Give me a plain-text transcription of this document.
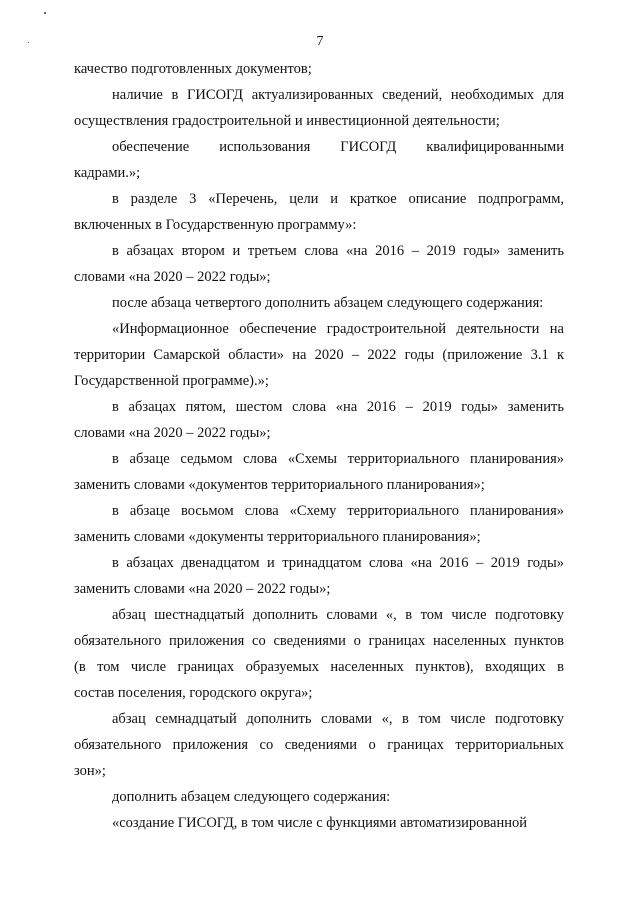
7
качество подготовленных документов;
наличие в ГИСОГД актуализированных сведений, необходимых для
осуществления градостроительной и инвестиционной деятельности;
обеспечение использования ГИСОГД квалифицированными
кадрами.»;
в разделе 3 «Перечень, цели и краткое описание подпрограмм,
включенных в Государственную программу»:
в абзацах втором и третьем слова «на 2016 – 2019 годы» заменить
словами «на 2020 – 2022 годы»;
после абзаца четвертого дополнить абзацем следующего содержания:
«Информационное обеспечение градостроительной деятельности на
территории Самарской области» на 2020 – 2022 годы (приложение 3.1 к
Государственной программе).»;
в абзацах пятом, шестом слова «на 2016 – 2019 годы» заменить
словами «на 2020 – 2022 годы»;
в абзаце седьмом слова «Схемы территориального планирования»
заменить словами «документов территориального планирования»;
в абзаце восьмом слова «Схему территориального планирования»
заменить словами «документы территориального планирования»;
в абзацах двенадцатом и тринадцатом слова «на 2016 – 2019 годы»
заменить словами «на 2020 – 2022 годы»;
абзац шестнадцатый дополнить словами «, в том числе подготовку
обязательного приложения со сведениями о границах населенных пунктов
(в том числе границах образуемых населенных пунктов), входящих в
состав поселения, городского округа»;
абзац семнадцатый дополнить словами «, в том числе подготовку
обязательного приложения со сведениями о границах территориальных
зон»;
дополнить абзацем следующего содержания:
«создание ГИСОГД, в том числе с функциями автоматизированной
